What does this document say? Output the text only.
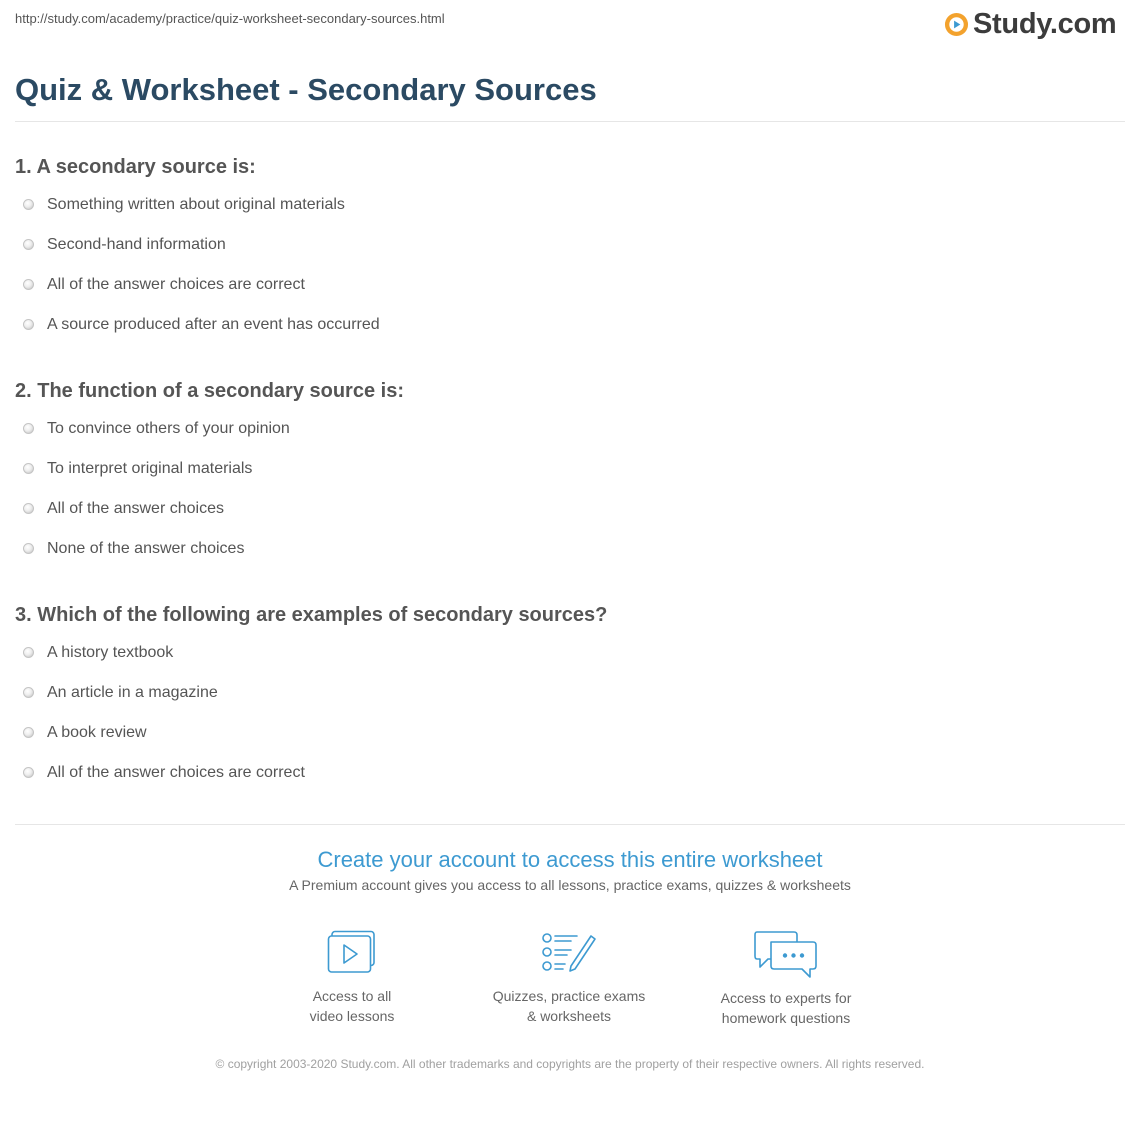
http://study.com/academy/practice/quiz-worksheet-secondary-sources.html	Study.com
Quiz & Worksheet - Secondary Sources
1. A secondary source is:
Something written about original materials
Second-hand information
All of the answer choices are correct
A source produced after an event has occurred
2. The function of a secondary source is:
To convince others of your opinion
To interpret original materials
All of the answer choices
None of the answer choices
3. Which of the following are examples of secondary sources?
A history textbook
An article in a magazine
A book review
All of the answer choices are correct
Create your account to access this entire worksheet
A Premium account gives you access to all lessons, practice exams, quizzes & worksheets
Access to all
video lessons
Quizzes, practice exams
& worksheets
Access to experts for
homework questions
© copyright 2003-2020 Study.com. All other trademarks and copyrights are the property of their respective owners. All rights reserved.
